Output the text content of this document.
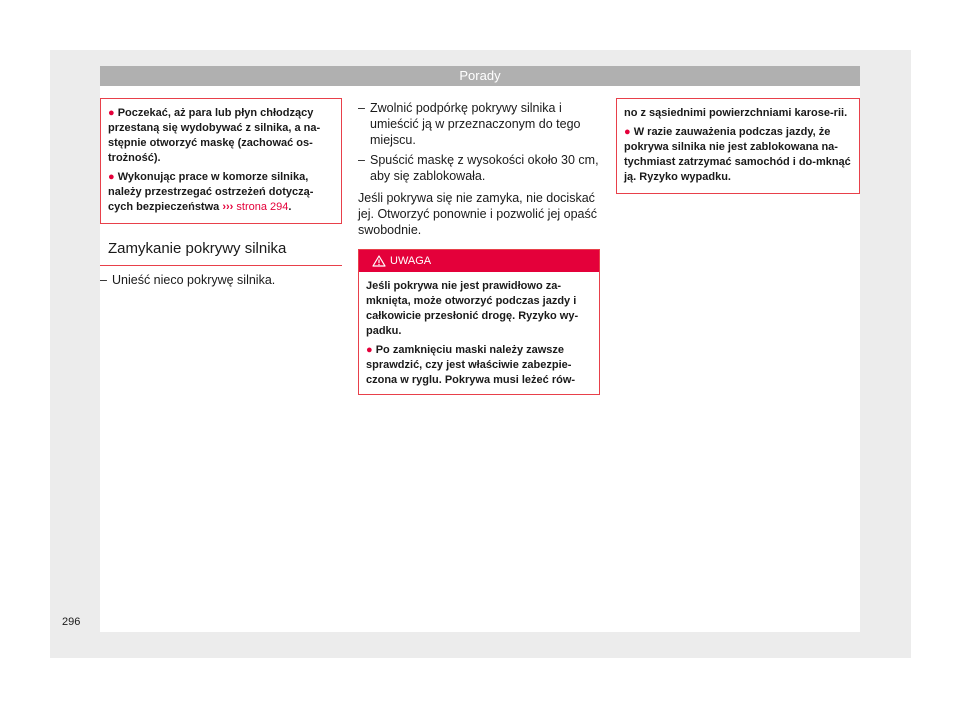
Porady

● Poczekać, aż para lub płyn chłodzący przestaną się wydobywać z silnika, a na-stępnie otworzyć maskę (zachować os-trożność).

● Wykonując prace w komorze silnika, należy przestrzegać ostrzeżeń dotyczą-cych bezpieczeństwa ››› strona 294.

Zamykanie pokrywy silnika
– Unieść nieco pokrywę silnika.
– Zwolnić podpórkę pokrywy silnika i umieścić ją w przeznaczonym do tego miejscu.
– Spuścić maskę z wysokości około 30 cm, aby się zablokowała.

Jeśli pokrywa się nie zamyka, nie dociskać jej. Otworzyć ponownie i pozwolić jej opaść swobodnie.

UWAGA

Jeśli pokrywa nie jest prawidłowo za-mknięta, może otworzyć podczas jazdy i całkowicie przesłonić drogę. Ryzyko wy-padku.

● Po zamknięciu maski należy zawsze sprawdzić, czy jest właściwie zabezpie-czona w ryglu. Pokrywa musi leżeć rów-

no z sąsiednimi powierzchniami karose-rii.

● W razie zauważenia podczas jazdy, że pokrywa silnika nie jest zablokowana na-tychmiast zatrzymać samochód i do-mknąć ją. Ryzyko wypadku.

296
